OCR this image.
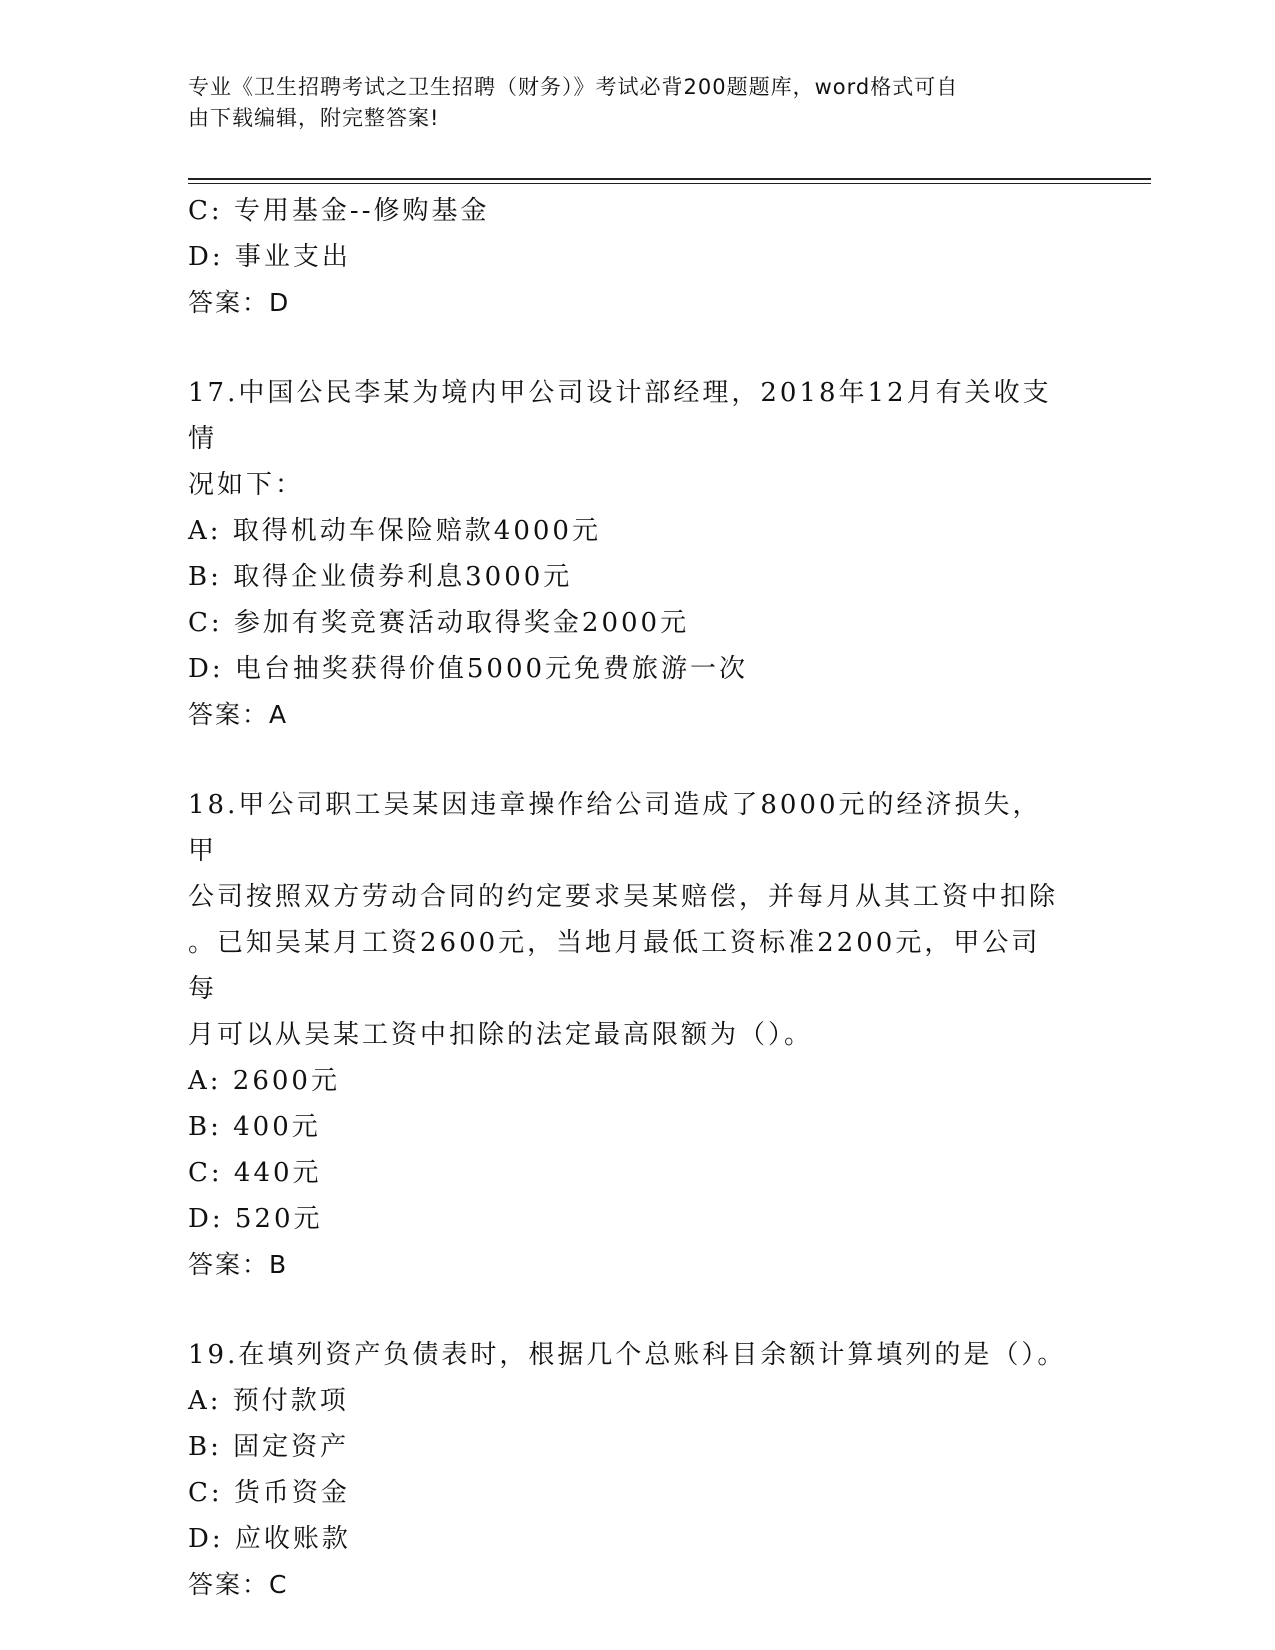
专业《卫生招聘考试之卫生招聘（财务）》考试必背200题题库，word格式可自
由下载编辑，附完整答案!
C: 专用基金--修购基金
D: 事业支出
答案：D
17.中国公民李某为境内甲公司设计部经理，2018年12月有关收支情
况如下：
A: 取得机动车保险赔款4000元
B: 取得企业债券利息3000元
C: 参加有奖竞赛活动取得奖金2000元
D: 电台抽奖获得价值5000元免费旅游一次
答案：A
18.甲公司职工吴某因违章操作给公司造成了8000元的经济损失，甲
公司按照双方劳动合同的约定要求吴某赔偿，并每月从其工资中扣除
。已知吴某月工资2600元，当地月最低工资标准2200元，甲公司每
月可以从吴某工资中扣除的法定最高限额为（）。
A: 2600元
B: 400元
C: 440元
D: 520元
答案：B
19.在填列资产负债表时，根据几个总账科目余额计算填列的是（）。
A: 预付款项
B: 固定资产
C: 货币资金
D: 应收账款
答案：C
